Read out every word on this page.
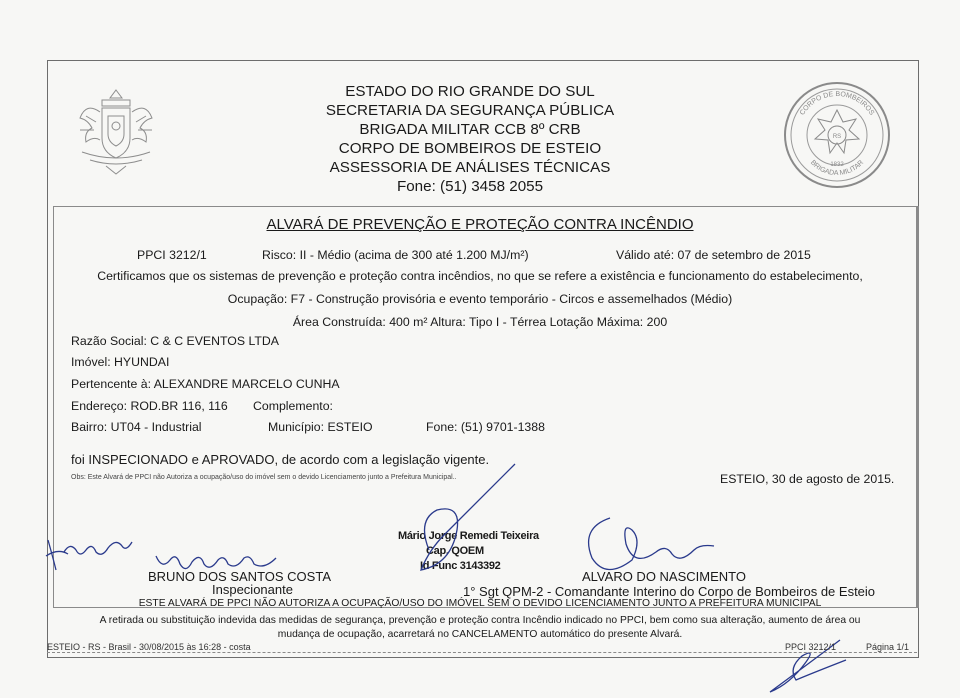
CORPO DE BOMBEIROS
BRIGADA MILITAR
1832
RS
ESTADO DO RIO GRANDE DO SUL
SECRETARIA DA SEGURANÇA PÚBLICA
BRIGADA MILITAR CCB 8º CRB
CORPO DE BOMBEIROS DE ESTEIO
ASSESSORIA DE ANÁLISES TÉCNICAS
Fone: (51) 3458 2055
ALVARÁ DE PREVENÇÃO E PROTEÇÃO CONTRA INCÊNDIO
PPCI 3212/1	Risco: II - Médio (acima de 300 até 1.200 MJ/m²)	Válido até: 07 de setembro de 2015
Certificamos que os sistemas de prevenção e proteção contra incêndios, no que se refere a existência e funcionamento do estabelecimento,
Ocupação: F7 - Construção provisória e evento temporário - Circos e assemelhados (Médio)
Área Construída: 400 m² Altura: Tipo I - Térrea Lotação Máxima: 200
Razão Social: C & C EVENTOS LTDA
Imóvel: HYUNDAI
Pertencente à: ALEXANDRE MARCELO CUNHA
Endereço: ROD.BR 116, 116 Complemento:
Bairro: UT04 - Industrial	Município: ESTEIO	Fone: (51) 9701-1388
foi INSPECIONADO e APROVADO, de acordo com a legislação vigente.
Obs: Este Alvará de PPCI não Autoriza a ocupação/uso do imóvel sem o devido Licenciamento junto a Prefeitura Municipal..	ESTEIO, 30 de agosto de 2015.
Mário Jorge Remedi Teixeira
Cap. QOEM
Id Func 3143392
BRUNO DOS SANTOS COSTA
Inspecionante
ALVARO DO NASCIMENTO
1° Sgt QPM-2 - Comandante Interino do Corpo de Bombeiros de Esteio
ESTE ALVARÁ DE PPCI NÃO AUTORIZA A OCUPAÇÃO/USO DO IMÓVEL SEM O DEVIDO LICENCIAMENTO JUNTO A PREFEITURA MUNICIPAL
A retirada ou substituição indevida das medidas de segurança, prevenção e proteção contra Incêndio indicado no PPCI, bem como sua alteração, aumento de área ou
mudança de ocupação, acarretará no CANCELAMENTO automático do presente Alvará.
ESTEIO - RS - Brasil - 30/08/2015 às 16:28 - costa	PPCI 3212/1	Página 1/1
